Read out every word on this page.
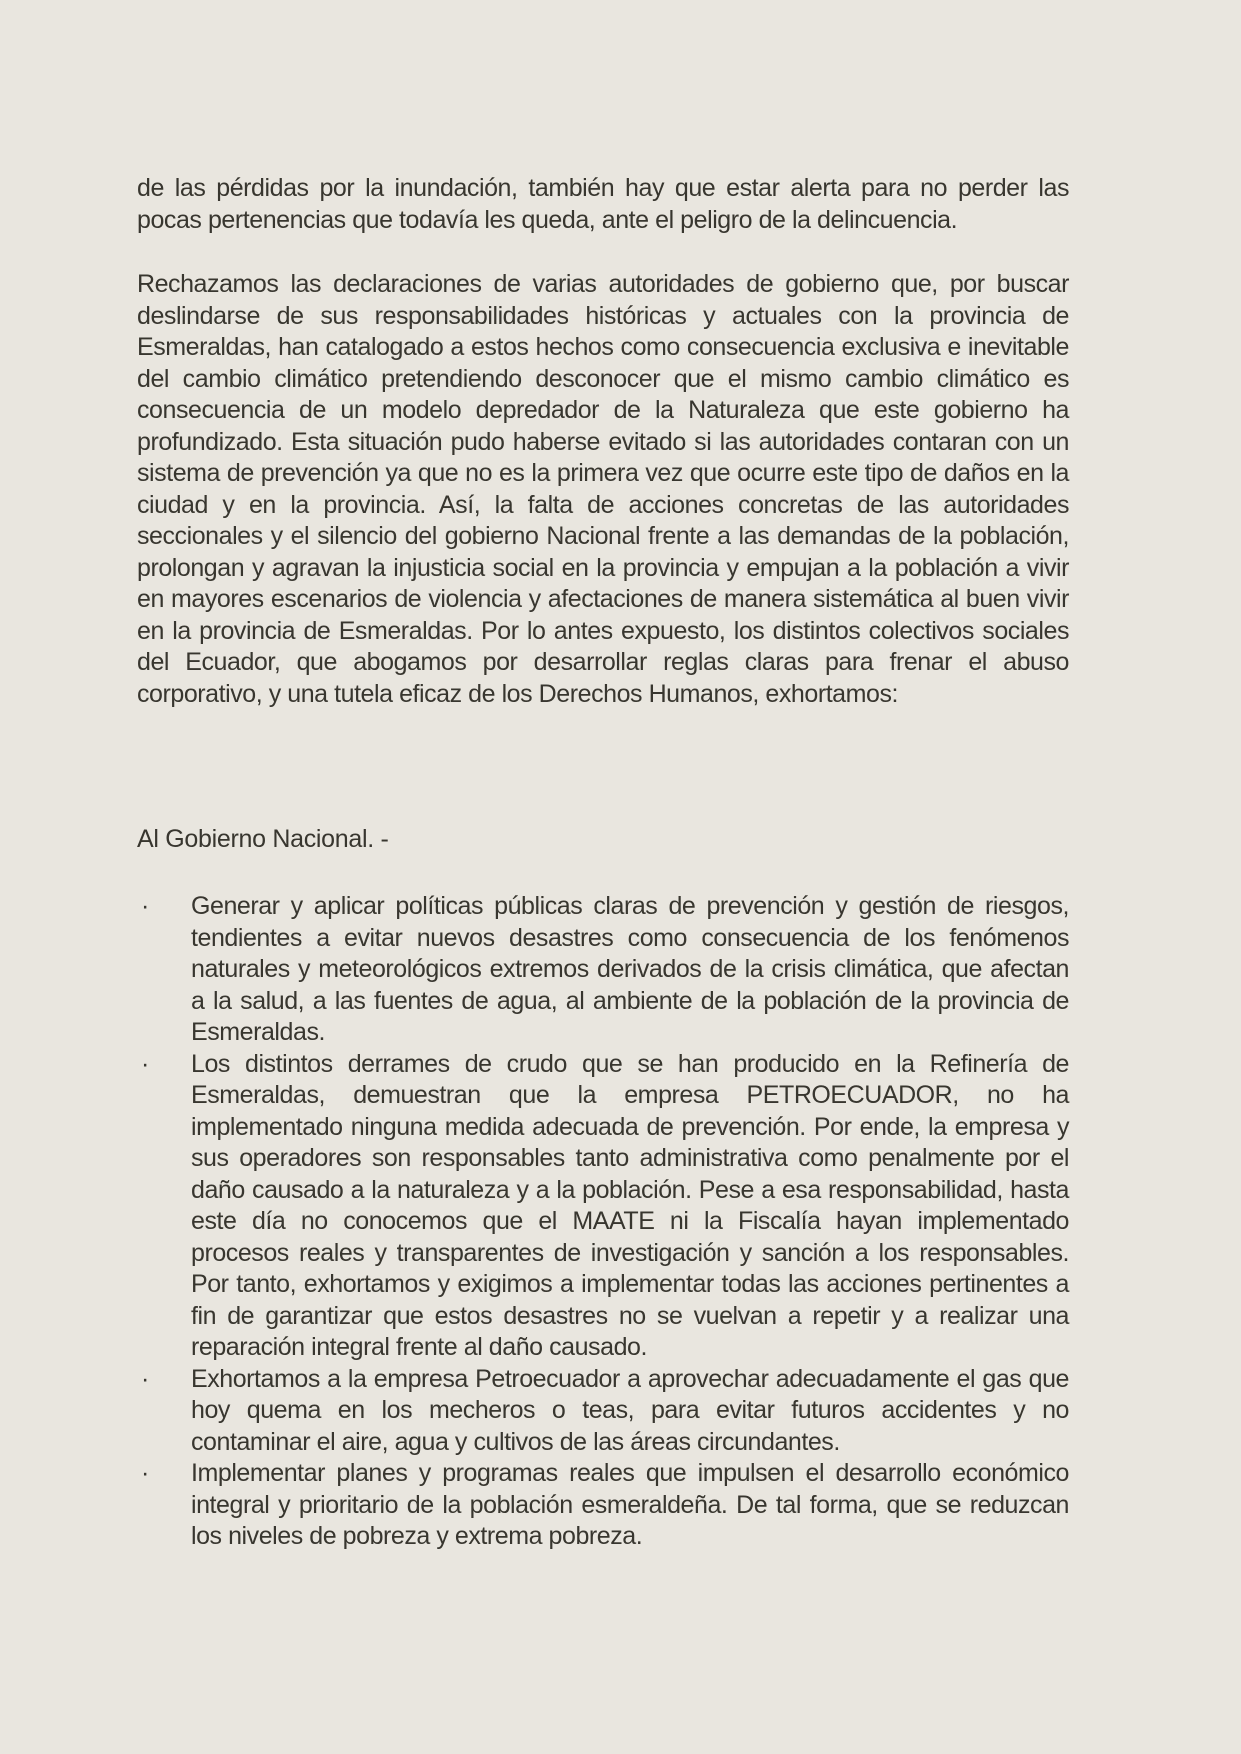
de las pérdidas por la inundación, también hay que estar alerta para no perder las pocas pertenencias que todavía les queda, ante el peligro de la delincuencia.

Rechazamos las declaraciones de varias autoridades de gobierno que, por buscar deslindarse de sus responsabilidades históricas y actuales con la provincia de Esmeraldas, han catalogado a estos hechos como consecuencia exclusiva e inevitable del cambio climático pretendiendo desconocer que el mismo cambio climático es consecuencia de un modelo depredador de la Naturaleza que este gobierno ha profundizado. Esta situación pudo haberse evitado si las autoridades contaran con un sistema de prevención ya que no es la primera vez que ocurre este tipo de daños en la ciudad y en la provincia. Así, la falta de acciones concretas de las autoridades seccionales y el silencio del gobierno Nacional frente a las demandas de la población, prolongan y agravan la injusticia social en la provincia y empujan a la población a vivir en mayores escenarios de violencia y afectaciones de manera sistemática al buen vivir en la provincia de Esmeraldas. Por lo antes expuesto, los distintos colectivos sociales del Ecuador, que abogamos por desarrollar reglas claras para frenar el abuso corporativo, y una tutela eficaz de los Derechos Humanos, exhortamos:

Al Gobierno Nacional. -

· Generar y aplicar políticas públicas claras de prevención y gestión de riesgos, tendientes a evitar nuevos desastres como consecuencia de los fenómenos naturales y meteorológicos extremos derivados de la crisis climática, que afectan a la salud, a las fuentes de agua, al ambiente de la población de la provincia de Esmeraldas.
· Los distintos derrames de crudo que se han producido en la Refinería de Esmeraldas, demuestran que la empresa PETROECUADOR, no ha implementado ninguna medida adecuada de prevención. Por ende, la empresa y sus operadores son responsables tanto administrativa como penalmente por el daño causado a la naturaleza y a la población. Pese a esa responsabilidad, hasta este día no conocemos que el MAATE ni la Fiscalía hayan implementado procesos reales y transparentes de investigación y sanción a los responsables. Por tanto, exhortamos y exigimos a implementar todas las acciones pertinentes a fin de garantizar que estos desastres no se vuelvan a repetir y a realizar una reparación integral frente al daño causado.
· Exhortamos a la empresa Petroecuador a aprovechar adecuadamente el gas que hoy quema en los mecheros o teas, para evitar futuros accidentes y no contaminar el aire, agua y cultivos de las áreas circundantes.
· Implementar planes y programas reales que impulsen el desarrollo económico integral y prioritario de la población esmeraldeña. De tal forma, que se reduzcan los niveles de pobreza y extrema pobreza.
